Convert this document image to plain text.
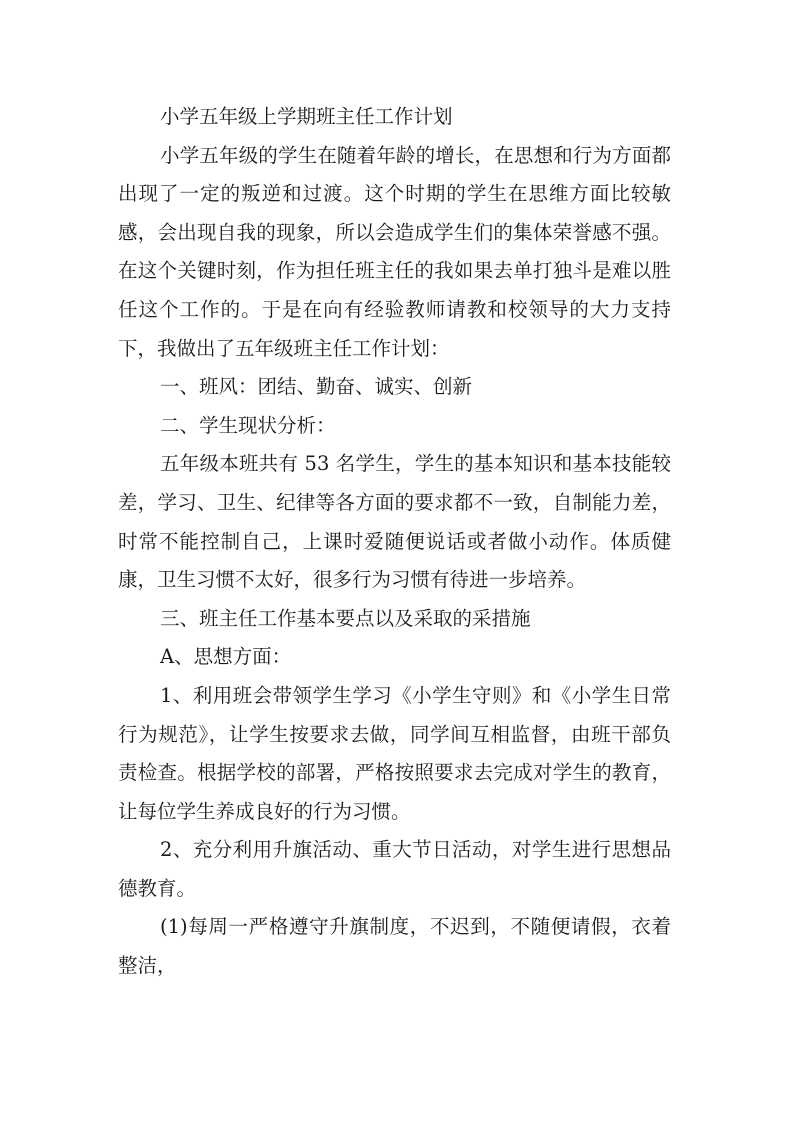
小学五年级上学期班主任工作计划

小学五年级的学生在随着年龄的增长，在思想和行为方面都出现了一定的叛逆和过渡。这个时期的学生在思维方面比较敏感，会出现自我的现象，所以会造成学生们的集体荣誉感不强。在这个关键时刻，作为担任班主任的我如果去单打独斗是难以胜任这个工作的。于是在向有经验教师请教和校领导的大力支持下，我做出了五年级班主任工作计划：

一、班风：团结、勤奋、诚实、创新

二、学生现状分析：

五年级本班共有 53 名学生，学生的基本知识和基本技能较差，学习、卫生、纪律等各方面的要求都不一致，自制能力差，时常不能控制自己，上课时爱随便说话或者做小动作。体质健康，卫生习惯不太好，很多行为习惯有待进一步培养。

三、班主任工作基本要点以及采取的采措施

A、思想方面：

1、利用班会带领学生学习《小学生守则》和《小学生日常行为规范》，让学生按要求去做，同学间互相监督，由班干部负责检查。根据学校的部署，严格按照要求去完成对学生的教育，让每位学生养成良好的行为习惯。

2、充分利用升旗活动、重大节日活动，对学生进行思想品德教育。

(1)每周一严格遵守升旗制度，不迟到，不随便请假，衣着整洁，
